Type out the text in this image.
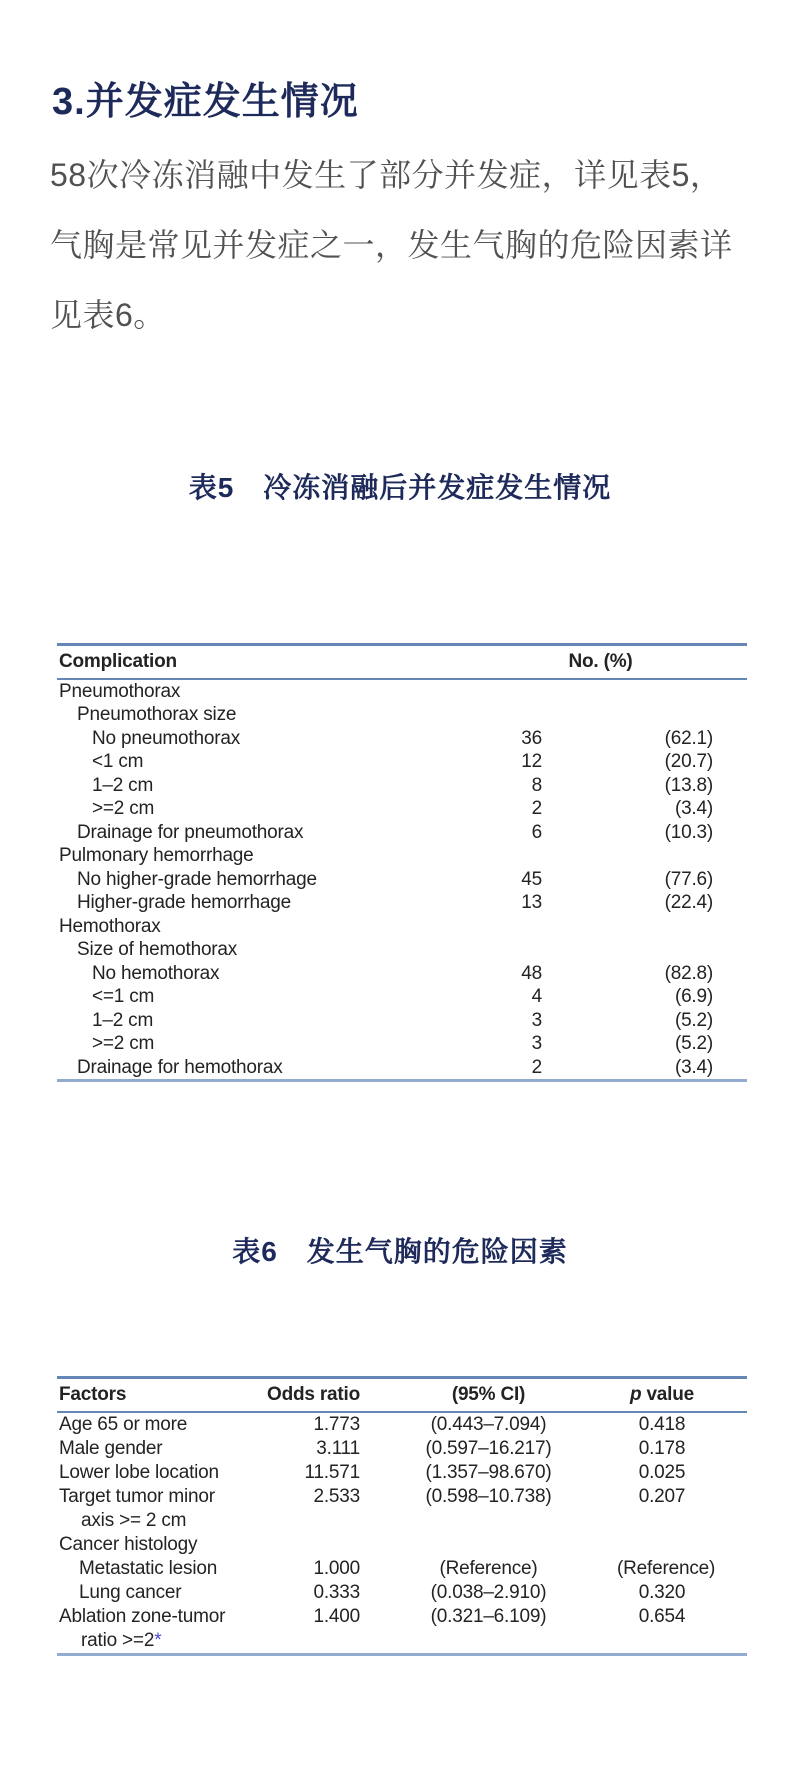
3.并发症发生情况
58次冷冻消融中发生了部分并发症，详见表5，
气胸是常见并发症之一，发生气胸的危险因素详
见表6。
表5　冷冻消融后并发症发生情况
Complication	No. (%)	
Pneumothorax		
Pneumothorax size		
No pneumothorax	36	(62.1)
<1 cm	12	(20.7)
1–2 cm	8	(13.8)
>=2 cm	2	(3.4)
Drainage for pneumothorax	6	(10.3)
Pulmonary hemorrhage		
No higher-grade hemorrhage	45	(77.6)
Higher-grade hemorrhage	13	(22.4)
Hemothorax		
Size of hemothorax		
No hemothorax	48	(82.8)
<=1 cm	4	(6.9)
1–2 cm	3	(5.2)
>=2 cm	3	(5.2)
Drainage for hemothorax	2	(3.4)
表6　发生气胸的危险因素
Factors	Odds ratio	(95% CI)	p value
Age 65 or more	1.773	(0.443–7.094)	0.418
Male gender	3.111	(0.597–16.217)	0.178
Lower lobe location	11.571	(1.357–98.670)	0.025
Target tumor minor
axis >= 2 cm	2.533	(0.598–10.738)	0.207
Cancer histology			
Metastatic lesion	1.000	(Reference)	(Reference)
Lung cancer	0.333	(0.038–2.910)	0.320
Ablation zone-tumor
ratio >=2*	1.400	(0.321–6.109)	0.654
